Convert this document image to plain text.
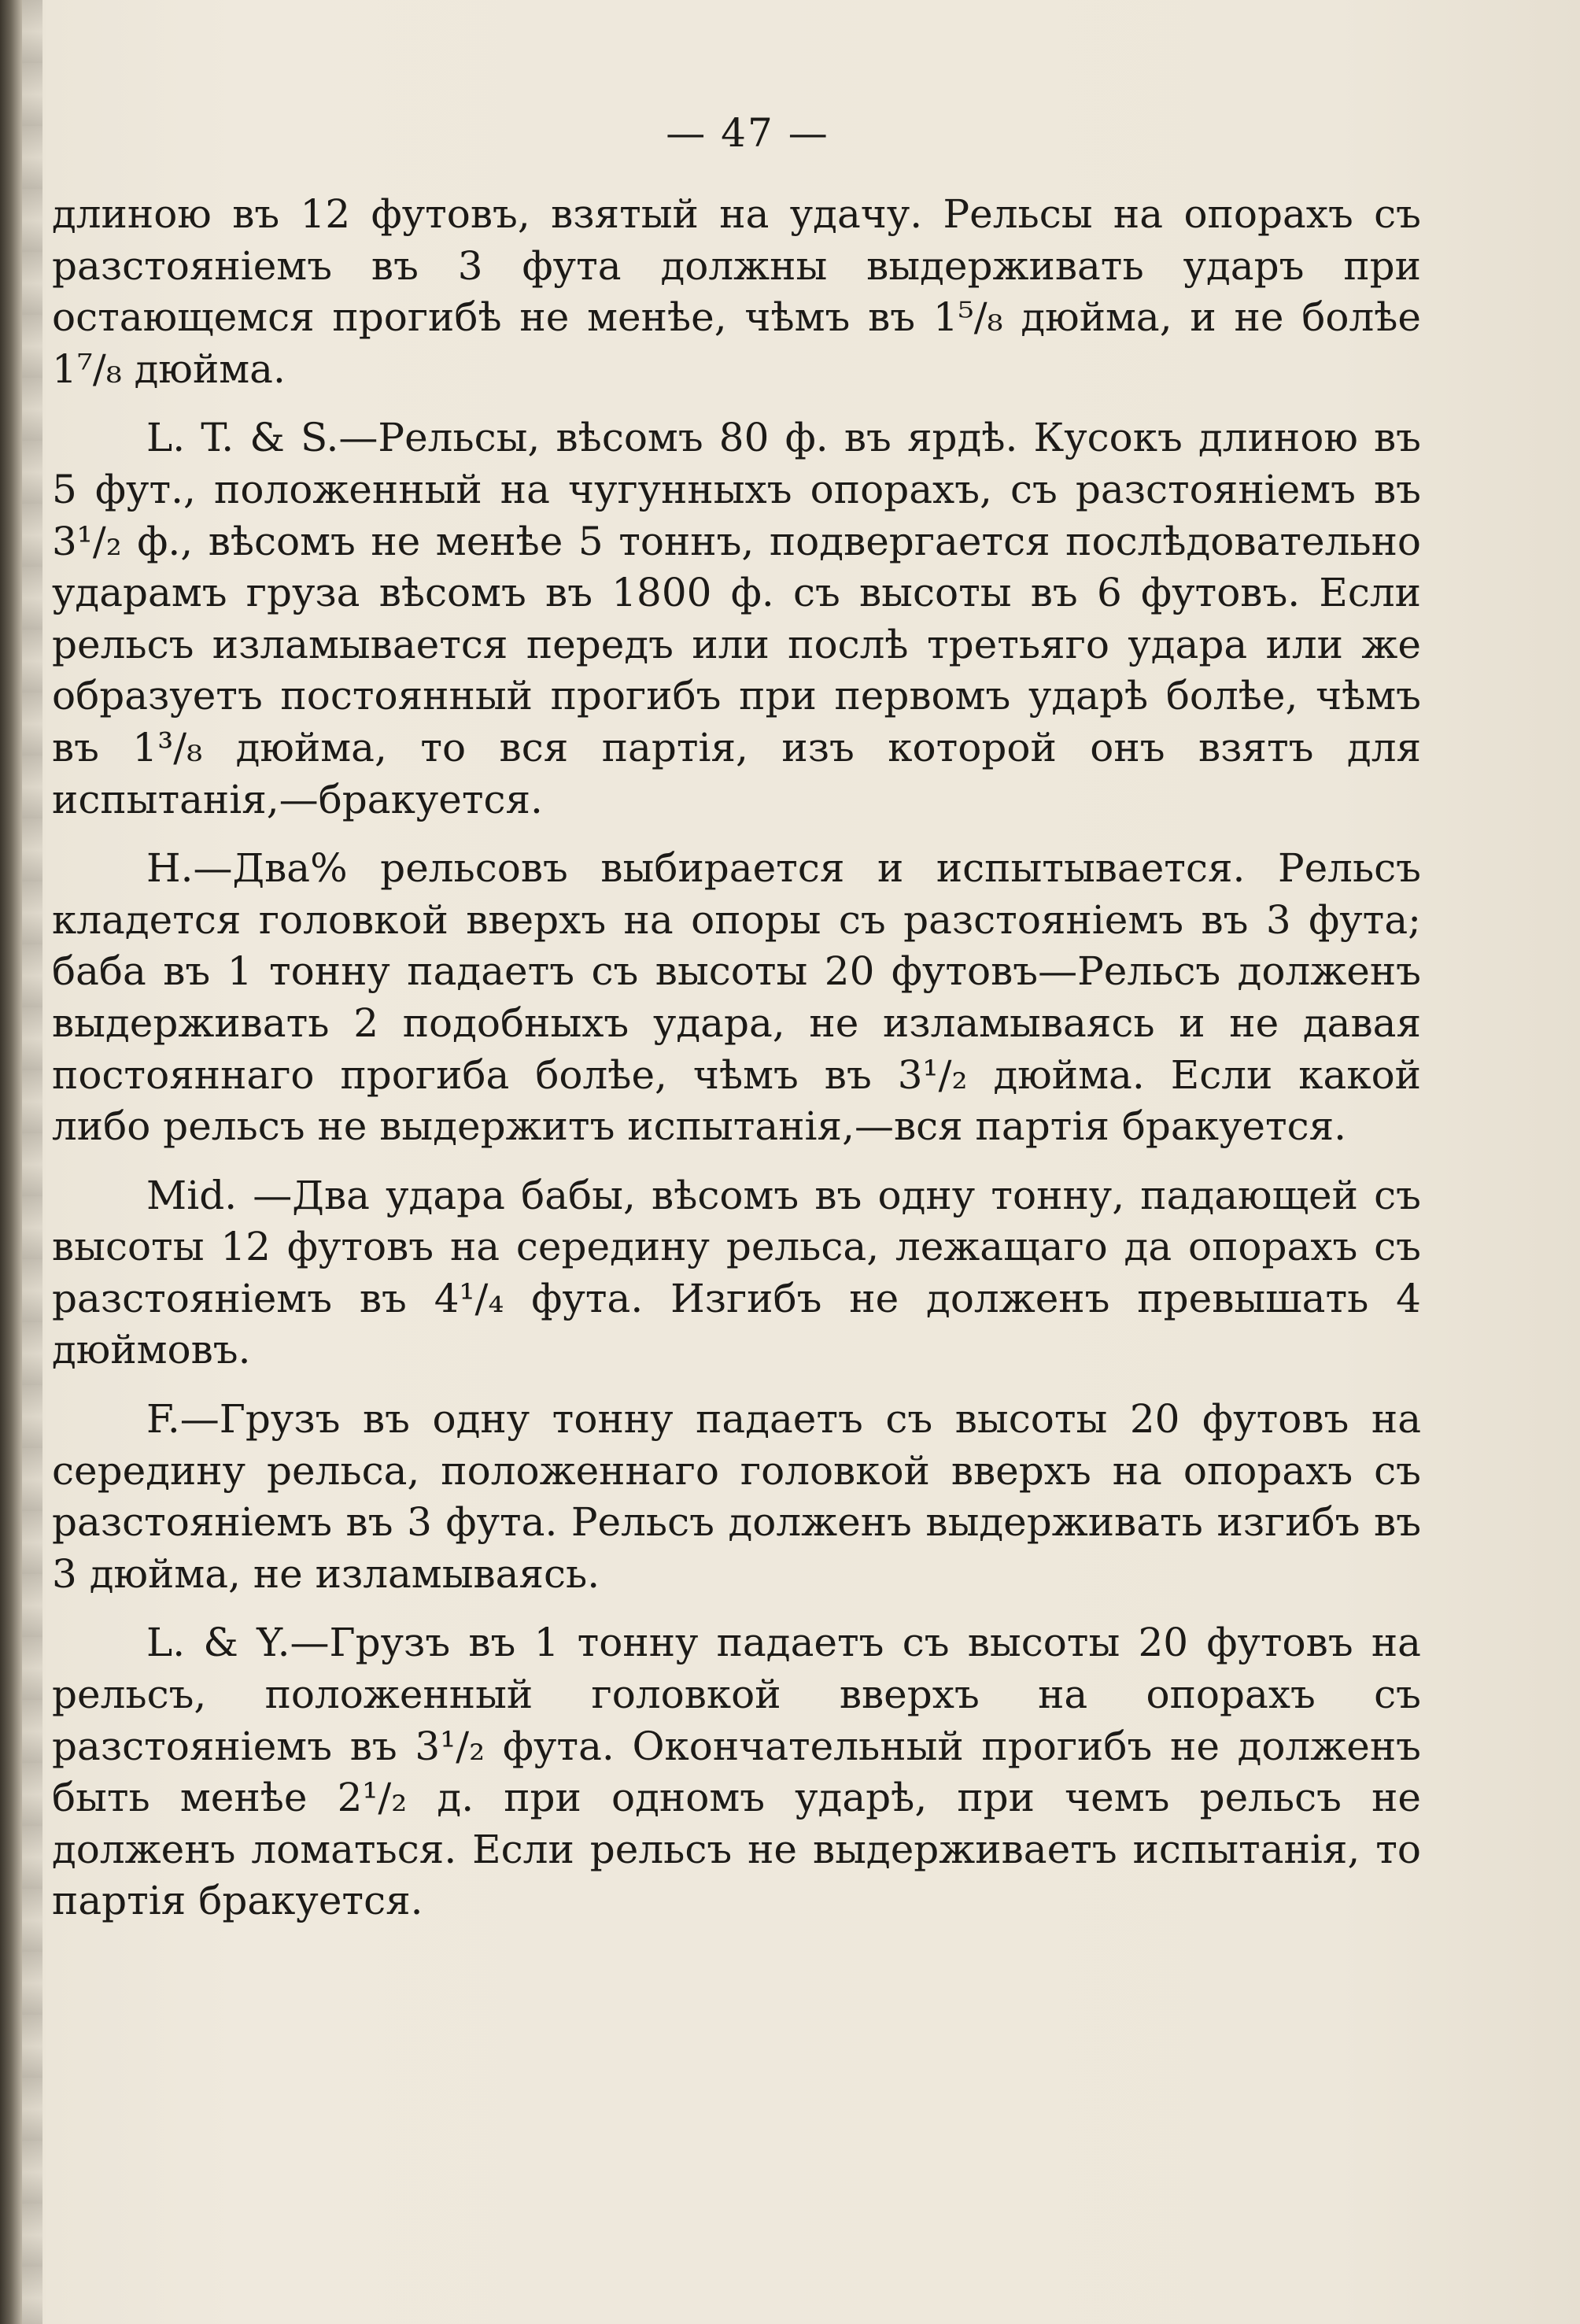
— 47 —

длиною въ 12 футовъ, взятый на удачу. Рельсы на опорахъ съ разстояніемъ въ 3 фута должны выдерживать ударъ при остающемся прогибѣ не менѣе, чѣмъ въ 1⁵/₈ дюйма, и не болѣе 1⁷/₈ дюйма.

L. T. & S.—Рельсы, вѣсомъ 80 ф. въ ярдѣ. Кусокъ длиною въ 5 фут., положенный на чугунныхъ опорахъ, съ разстояніемъ въ 3¹/₂ ф., вѣсомъ не менѣе 5 тоннъ, подвергается послѣдовательно ударамъ груза вѣсомъ въ 1800 ф. съ высоты въ 6 футовъ. Если рельсъ изламывается передъ или послѣ третьяго удара или же образуетъ постоянный прогибъ при первомъ ударѣ болѣе, чѣмъ въ 1³/₈ дюйма, то вся партія, изъ которой онъ взятъ для испытанія,—бракуется.

H.—Два% рельсовъ выбирается и испытывается. Рельсъ кладется головкой вверхъ на опоры съ разстояніемъ въ 3 фута; баба въ 1 тонну падаетъ съ высоты 20 футовъ—Рельсъ долженъ выдерживать 2 подобныхъ удара, не изламываясь и не давая постояннаго прогиба болѣе, чѣмъ въ 3¹/₂ дюйма. Если какой либо рельсъ не выдержитъ испытанія,—вся партія бракуется.

Mid. —Два удара бабы, вѣсомъ въ одну тонну, падающей съ высоты 12 футовъ на середину рельса, лежащаго да опорахъ съ разстояніемъ въ 4¹/₄ фута. Изгибъ не долженъ превышать 4 дюймовъ.

F.—Грузъ въ одну тонну падаетъ съ высоты 20 футовъ на середину рельса, положеннаго головкой вверхъ на опорахъ съ разстояніемъ въ 3 фута. Рельсъ долженъ выдерживать изгибъ въ 3 дюйма, не изламываясь.

L. & Y.—Грузъ въ 1 тонну падаетъ съ высоты 20 футовъ на рельсъ, положенный головкой вверхъ на опорахъ съ разстояніемъ въ 3¹/₂ фута. Окончательный прогибъ не долженъ быть менѣе 2¹/₂ д. при одномъ ударѣ, при чемъ рельсъ не долженъ ломаться. Если рельсъ не выдерживаетъ испытанія, то партія бракуется.
